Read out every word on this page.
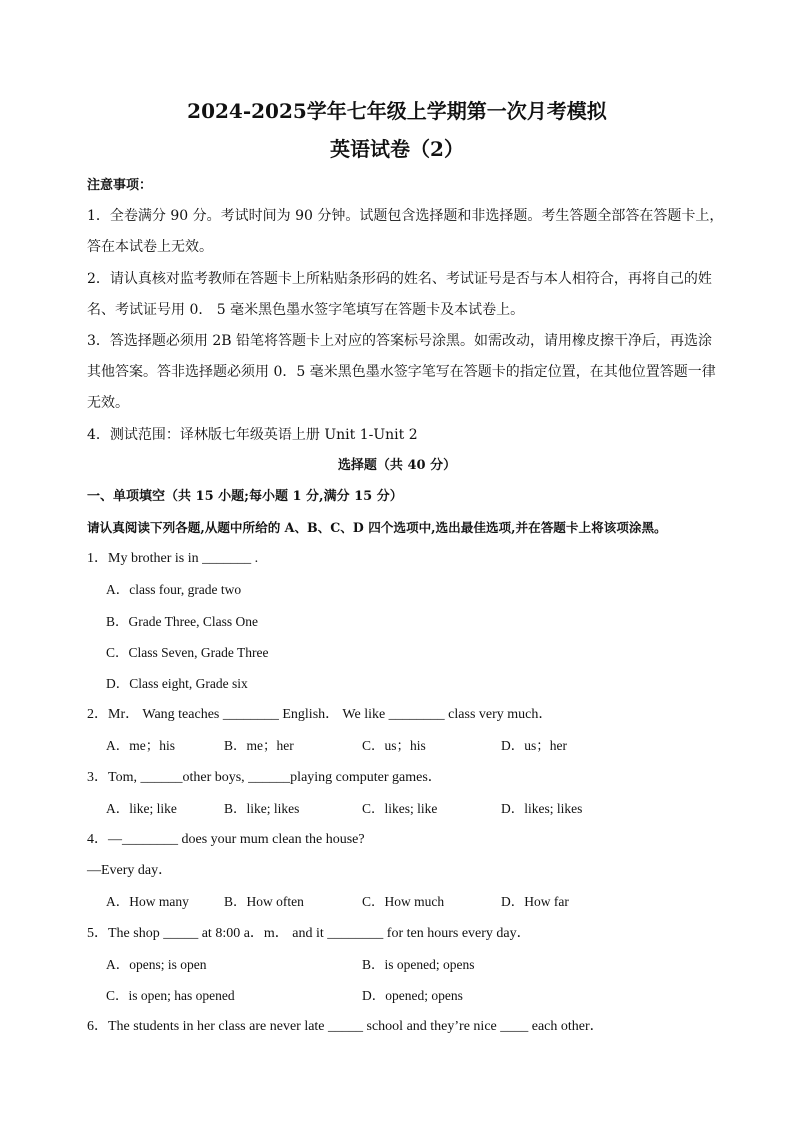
2024-2025学年七年级上学期第一次月考模拟
英语试卷（2）
注意事项：
1．全卷满分 90 分。考试时间为 90 分钟。试题包含选择题和非选择题。考生答题全部答在答题卡上，
答在本试卷上无效。
2．请认真核对监考教师在答题卡上所粘贴条形码的姓名、考试证号是否与本人相符合，再将自己的姓
名、考试证号用 0． 5 毫米黑色墨水签字笔填写在答题卡及本试卷上。
3．答选择题必须用 2B 铅笔将答题卡上对应的答案标号涂黑。如需改动，请用橡皮擦干净后，再选涂
其他答案。答非选择题必须用 0．5 毫米黑色墨水签字笔写在答题卡的指定位置，在其他位置答题一律
无效。
4．测试范围：译林版七年级英语上册 Unit 1-Unit 2
选择题（共 40 分）
一、单项填空（共 15 小题;每小题 1 分,满分 15 分）
请认真阅读下列各题,从题中所给的 A、B、C、D 四个选项中,选出最佳选项,并在答题卡上将该项涂黑。
1．My brother is in _______ .
A．class four, grade two
B．Grade Three, Class One
C．Class Seven, Grade Three
D．Class eight, Grade six
2．Mr． Wang teaches ________ English． We like ________ class very much．
A．me；his	B．me；her	C．us；his	D．us；her
3．Tom, ______other boys, ______playing computer games．
A．like; like	B．like; likes	C．likes; like	D．likes; likes
4．—________ does your mum clean the house?
—Every day．
A．How many	B．How often	C．How much	D．How far
5．The shop _____ at 8:00 a．m． and it ________ for ten hours every day．
A．opens; is open	B．is opened; opens
C．is open; has opened	D．opened; opens
6．The students in her class are never late _____ school and they’re nice ____ each other．
